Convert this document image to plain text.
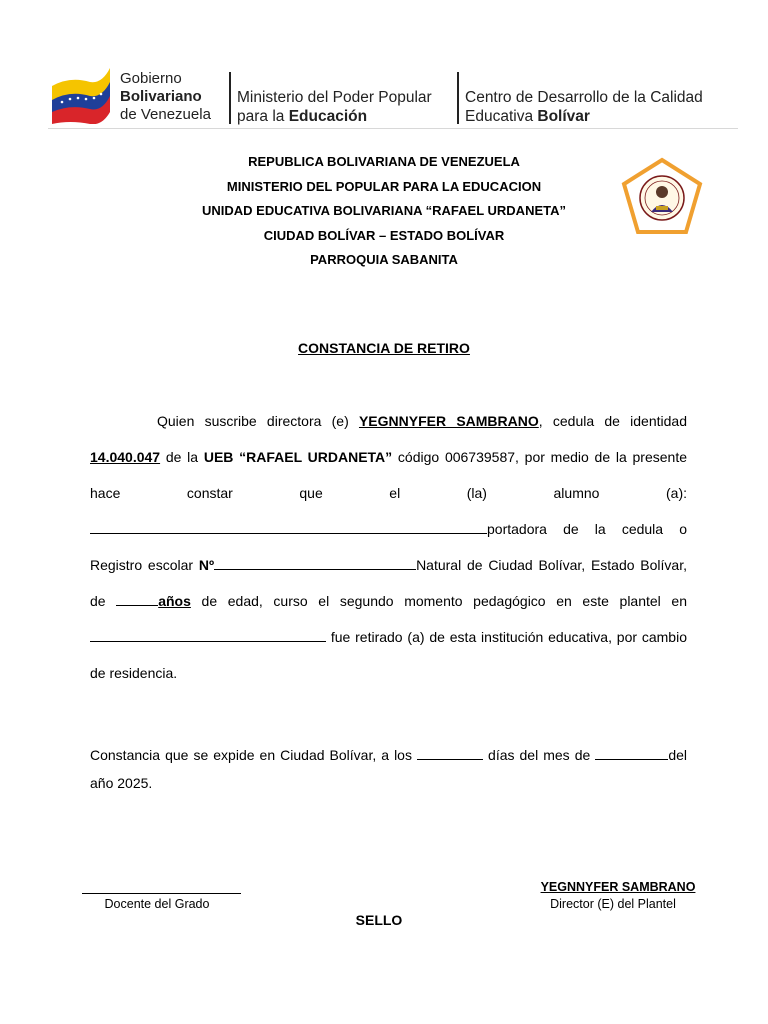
Gobierno
Bolivariano
de Venezuela
Ministerio del Poder Popular
para la Educación
Centro de Desarrollo de la Calidad
Educativa Bolívar
REPUBLICA BOLIVARIANA DE VENEZUELA
MINISTERIO DEL POPULAR PARA LA EDUCACION
UNIDAD EDUCATIVA BOLIVARIANA “RAFAEL URDANETA”
CIUDAD BOLÍVAR – ESTADO BOLÍVAR
PARROQUIA SABANITA
CONSTANCIA DE RETIRO

Quien suscribe directora (e) YEGNNYFER SAMBRANO, cedula de identidad 14.040.047 de la UEB “RAFAEL URDANETA” código 006739587, por medio de la presente hace constar que el (la) alumno (a):portadora de la cedula o Registro escolar Nº	Natural de Ciudad Bolívar, Estado Bolívar, de	años de edad, curso el segundo momento pedagógico en este plantel en  fue retirado (a) de esta institución educativa, por cambio de residencia.

Constancia que se expide en Ciudad Bolívar, a los	días del mes de	del año 2025.

Docente del Grado
YEGNNYFER SAMBRANO
Director (E) del Plantel
SELLO
